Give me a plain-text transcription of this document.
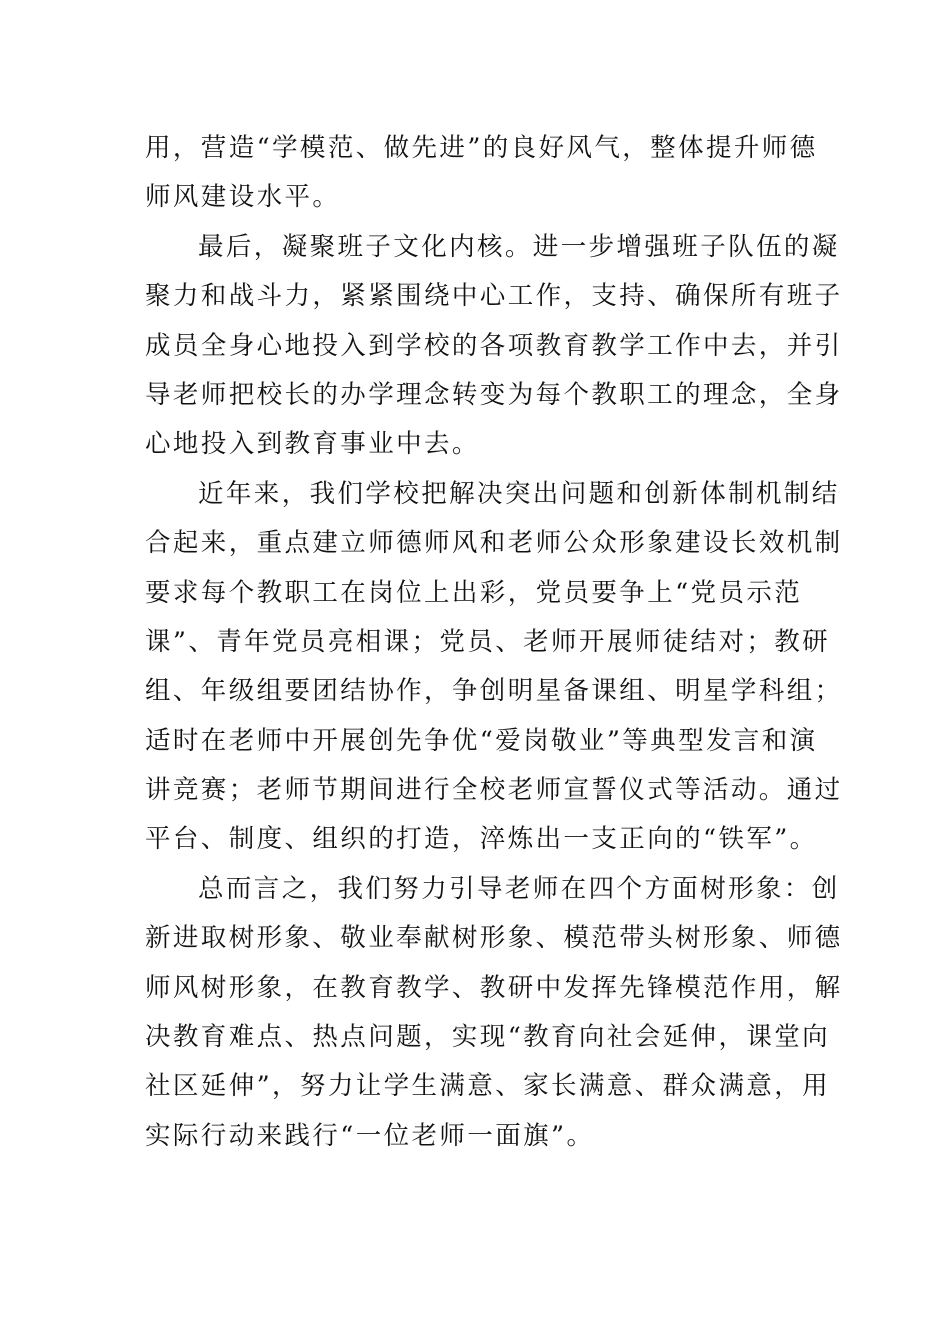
用，营造“学模范、做先进”的良好风气，整体提升师德
师风建设水平。
最后，凝聚班子文化内核。进一步增强班子队伍的凝
聚力和战斗力，紧紧围绕中心工作，支持、确保所有班子
成员全身心地投入到学校的各项教育教学工作中去，并引
导老师把校长的办学理念转变为每个教职工的理念，全身
心地投入到教育事业中去。
近年来，我们学校把解决突出问题和创新体制机制结
合起来，重点建立师德师风和老师公众形象建设长效机制
要求每个教职工在岗位上出彩，党员要争上“党员示范
课”、青年党员亮相课；党员、老师开展师徒结对；教研
组、年级组要团结协作，争创明星备课组、明星学科组；
适时在老师中开展创先争优“爱岗敬业”等典型发言和演
讲竞赛；老师节期间进行全校老师宣誓仪式等活动。通过
平台、制度、组织的打造，淬炼出一支正向的“铁军”。
总而言之，我们努力引导老师在四个方面树形象：创
新进取树形象、敬业奉献树形象、模范带头树形象、师德
师风树形象，在教育教学、教研中发挥先锋模范作用，解
决教育难点、热点问题，实现“教育向社会延伸，课堂向
社区延伸”，努力让学生满意、家长满意、群众满意，用
实际行动来践行“一位老师一面旗”。
